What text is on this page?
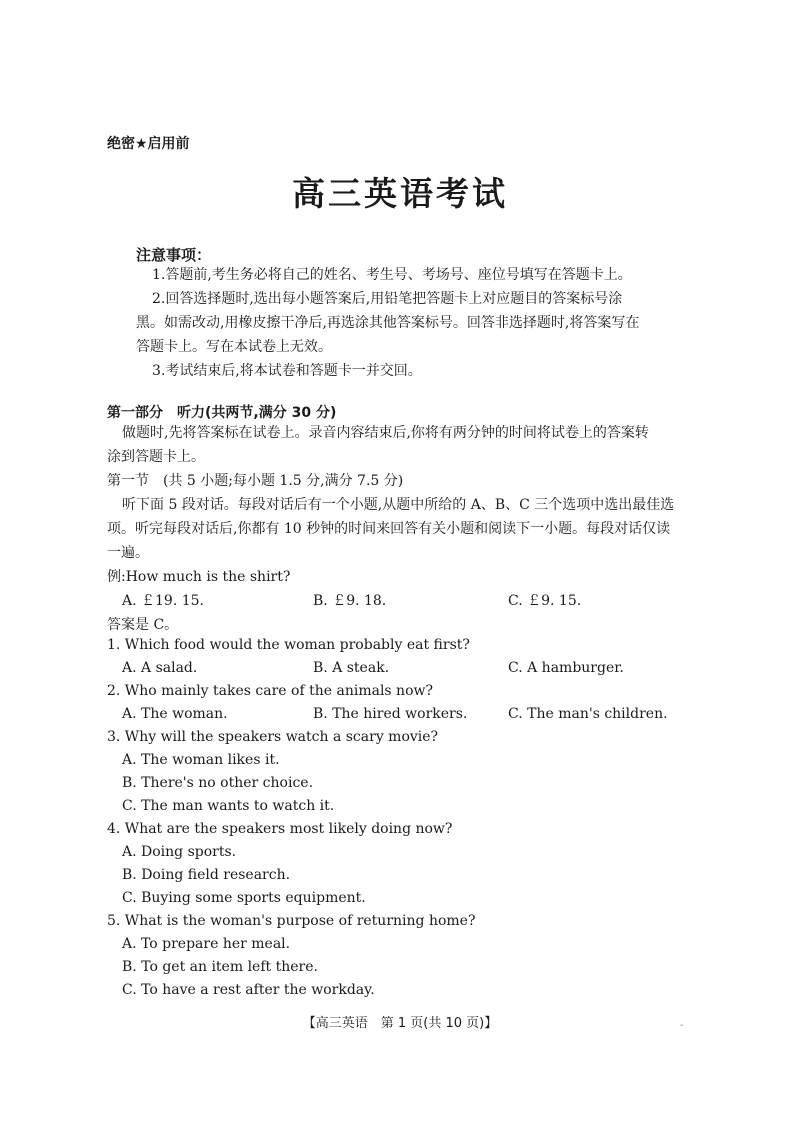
绝密★启用前
高三英语考试
注意事项：
1.答题前,考生务必将自己的姓名、考生号、考场号、座位号填写在答题卡上。
2.回答选择题时,选出每小题答案后,用铅笔把答题卡上对应题目的答案标号涂
黑。如需改动,用橡皮擦干净后,再选涂其他答案标号。回答非选择题时,将答案写在
答题卡上。写在本试卷上无效。
3.考试结束后,将本试卷和答题卡一并交回。
第一部分　听力(共两节,满分 30 分)
做题时,先将答案标在试卷上。录音内容结束后,你将有两分钟的时间将试卷上的答案转
涂到答题卡上。
第一节　(共 5 小题;每小题 1.5 分,满分 7.5 分)
听下面 5 段对话。每段对话后有一个小题,从题中所给的 A、B、C 三个选项中选出最佳选
项。听完每段对话后,你都有 10 秒钟的时间来回答有关小题和阅读下一小题。每段对话仅读
一遍。
例:How much is the shirt?
A. ￡19. 15.	B. ￡9. 18.	C. ￡9. 15.
答案是 C。
1. Which food would the woman probably eat first?
A. A salad.	B. A steak.	C. A hamburger.
2. Who mainly takes care of the animals now?
A. The woman.	B. The hired workers.	C. The man's children.
3. Why will the speakers watch a scary movie?
A. The woman likes it.
B. There's no other choice.
C. The man wants to watch it.
4. What are the speakers most likely doing now?
A. Doing sports.
B. Doing field research.
C. Buying some sports equipment.
5. What is the woman's purpose of returning home?
A. To prepare her meal.
B. To get an item left there.
C. To have a rest after the workday.
【高三英语　第 1 页(共 10 页)】	-
